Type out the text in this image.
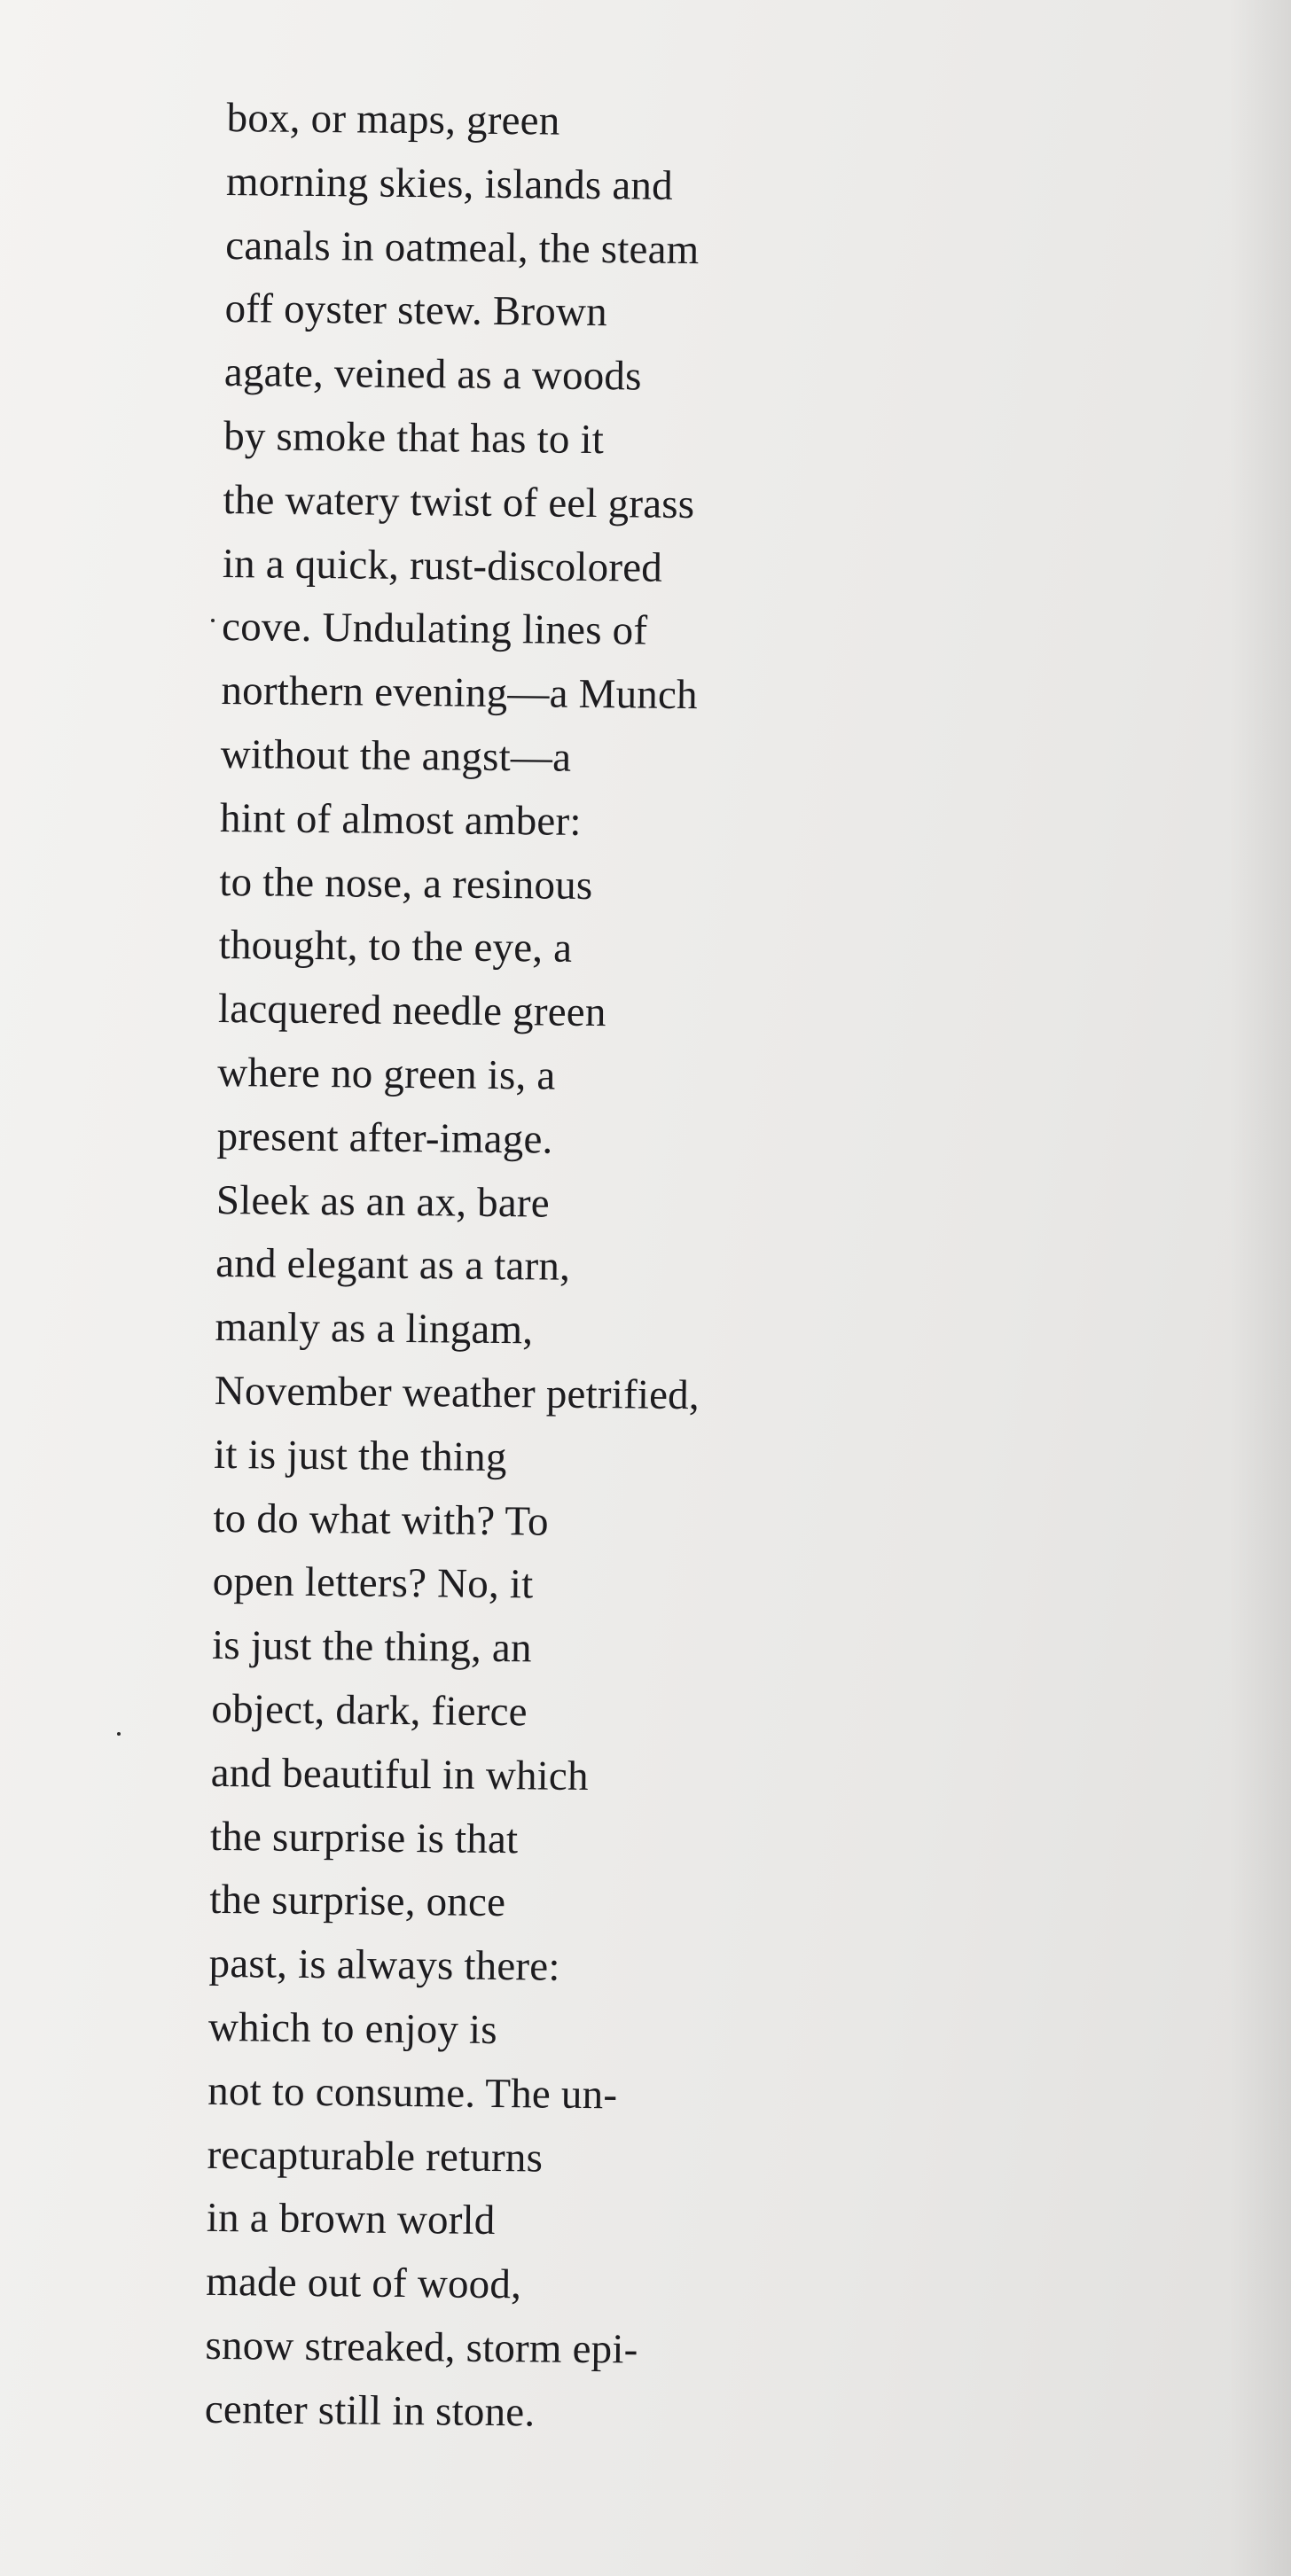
box, or maps, green
morning skies, islands and
canals in oatmeal, the steam
off oyster stew. Brown
agate, veined as a woods
by smoke that has to it
the watery twist of eel grass
in a quick, rust-discolored
cove. Undulating lines of
northern evening—a Munch
without the angst—a
hint of almost amber:
to the nose, a resinous
thought, to the eye, a
lacquered needle green
where no green is, a
present after-image.
Sleek as an ax, bare
and elegant as a tarn,
manly as a lingam,
November weather petrified,
it is just the thing
to do what with? To
open letters? No, it
is just the thing, an
object, dark, fierce
and beautiful in which
the surprise is that
the surprise, once
past, is always there:
which to enjoy is
not to consume. The un-
recapturable returns
in a brown world
made out of wood,
snow streaked, storm epi-
center still in stone.
